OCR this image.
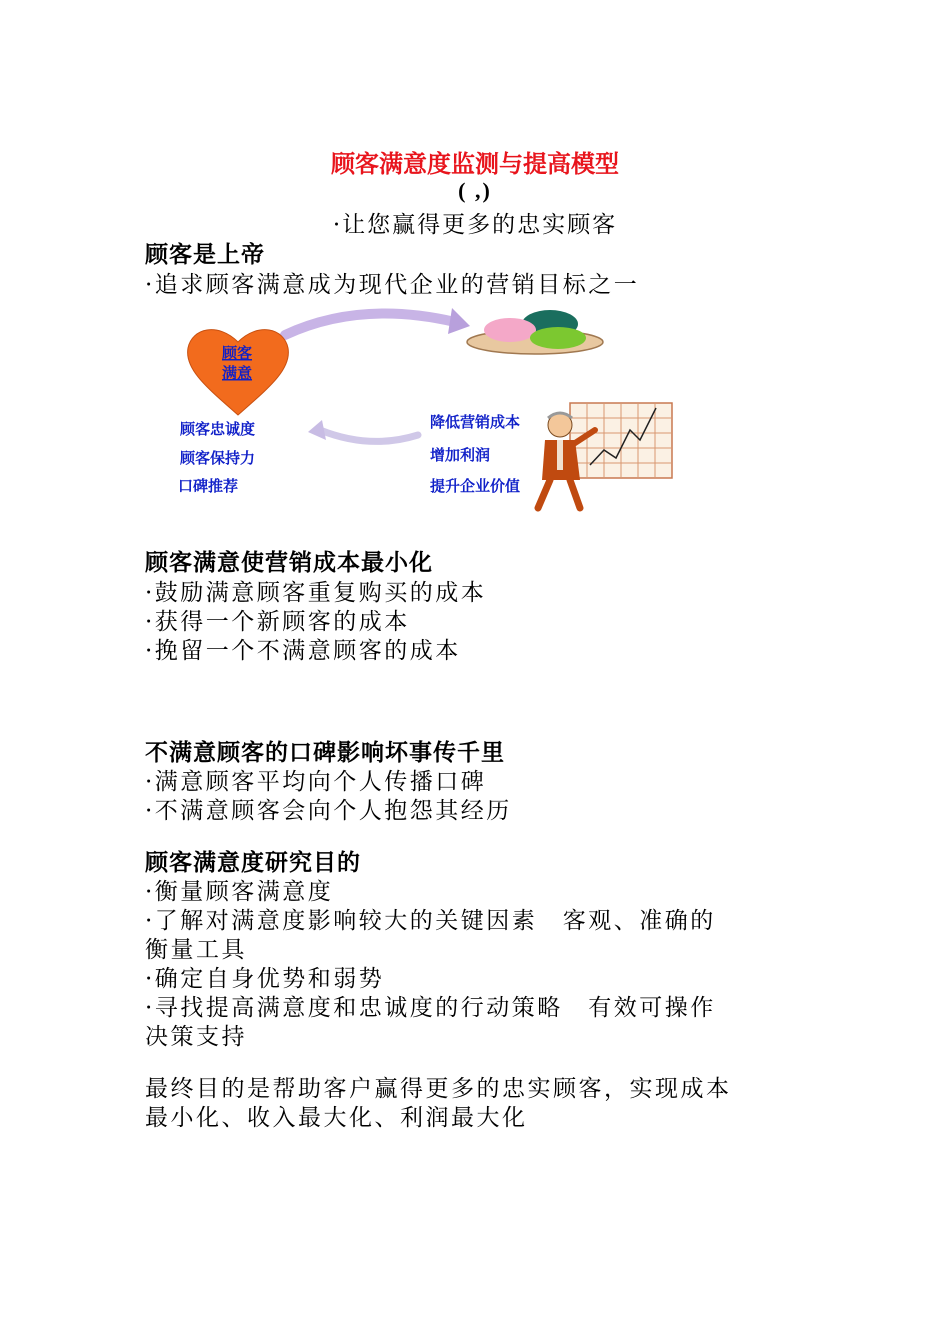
顾客满意度监测与提高模型
( ,)
·让您赢得更多的忠实顾客
顾客是上帝
·追求顾客满意成为现代企业的营销目标之一
顾客
满意
顾客忠诚度
顾客保持力
口碑推荐
降低营销成本
增加利润
提升企业价值
顾客满意使营销成本最小化
·鼓励满意顾客重复购买的成本
·获得一个新顾客的成本
·挽留一个不满意顾客的成本
不满意顾客的口碑影响坏事传千里
·满意顾客平均向个人传播口碑
·不满意顾客会向个人抱怨其经历
顾客满意度研究目的
·衡量顾客满意度
·了解对满意度影响较大的关键因素　客观、准确的
衡量工具
·确定自身优势和弱势
·寻找提高满意度和忠诚度的行动策略　有效可操作
决策支持
最终目的是帮助客户赢得更多的忠实顾客，实现成本
最小化、收入最大化、利润最大化
